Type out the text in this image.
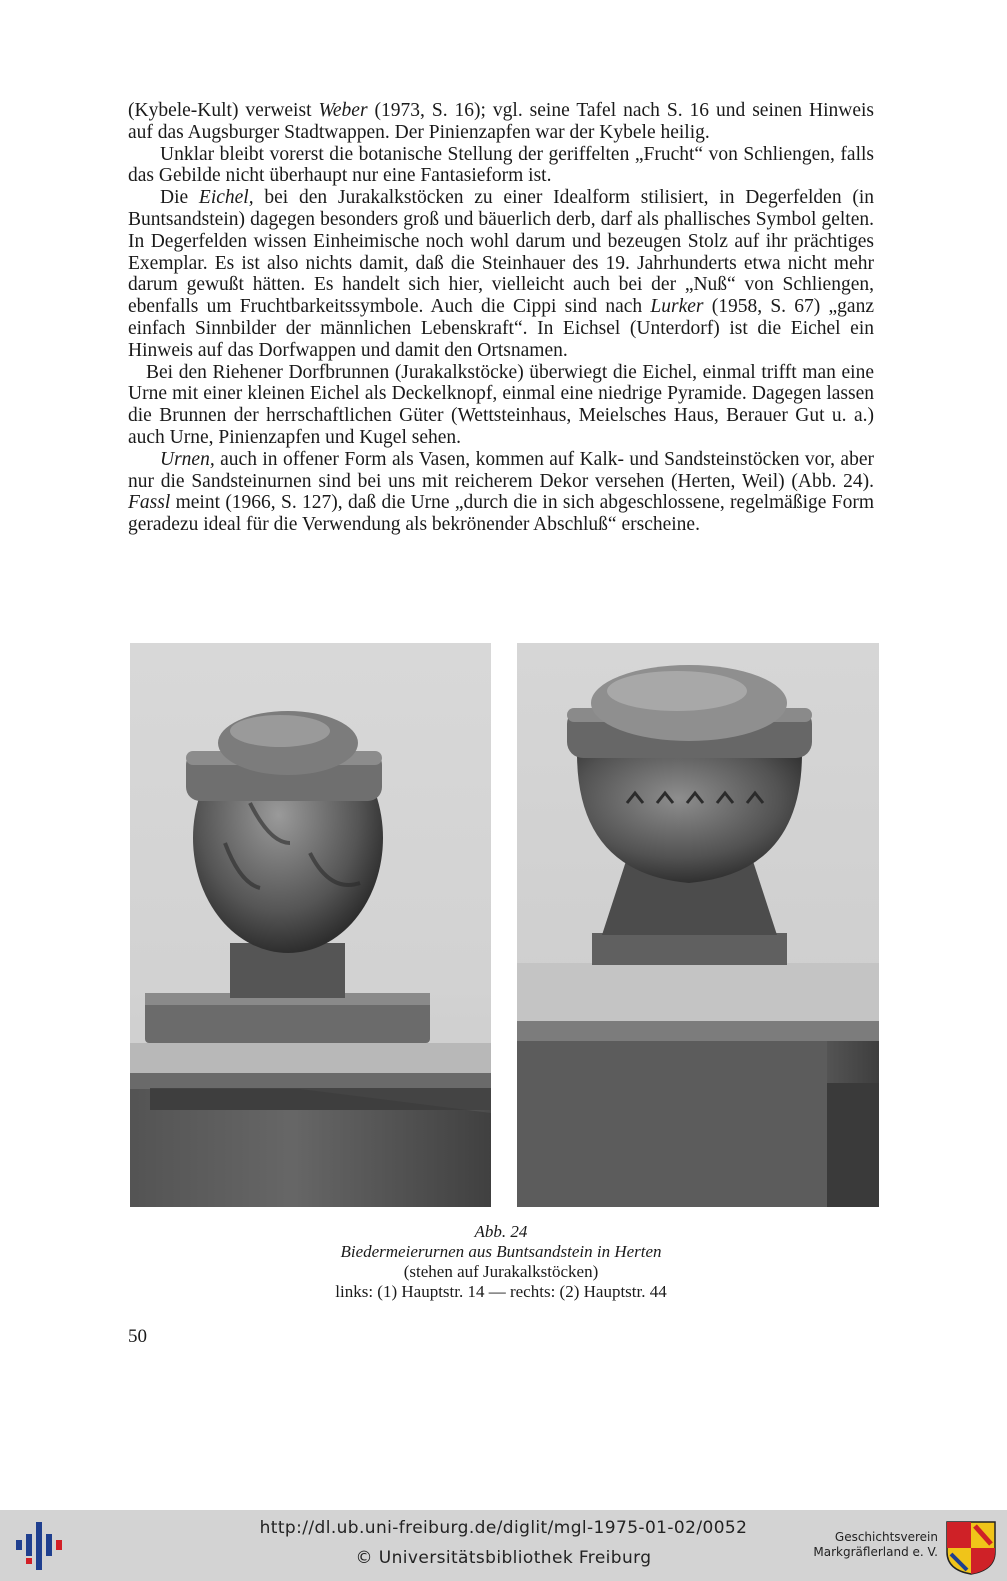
(Kybele-Kult) verweist Weber (1973, S. 16); vgl. seine Tafel nach S. 16 und seinen Hinweis auf das Augsburger Stadtwappen. Der Pinienzapfen war der Kybele heilig.

Unklar bleibt vorerst die botanische Stellung der geriffelten „Frucht“ von Schliengen, falls das Gebilde nicht überhaupt nur eine Fantasieform ist.

Die Eichel, bei den Jurakalkstöcken zu einer Idealform stilisiert, in Degerfelden (in Buntsandstein) dagegen besonders groß und bäuerlich derb, darf als phallisches Symbol gelten. In Degerfelden wissen Einheimische noch wohl darum und bezeugen Stolz auf ihr prächtiges Exemplar. Es ist also nichts damit, daß die Steinhauer des 19. Jahrhunderts etwa nicht mehr darum gewußt hätten. Es handelt sich hier, vielleicht auch bei der „Nuß“ von Schliengen, ebenfalls um Fruchtbarkeitssymbole. Auch die Cippi sind nach Lurker (1958, S. 67) „ganz einfach Sinnbilder der männlichen Lebenskraft“. In Eichsel (Unterdorf) ist die Eichel ein Hinweis auf das Dorfwappen und damit den Ortsnamen.

Bei den Riehener Dorfbrunnen (Jurakalkstöcke) überwiegt die Eichel, einmal trifft man eine Urne mit einer kleinen Eichel als Deckelknopf, einmal eine niedrige Pyramide. Dagegen lassen die Brunnen der herrschaftlichen Güter (Wettsteinhaus, Meielsches Haus, Berauer Gut u. a.) auch Urne, Pinienzapfen und Kugel sehen.

Urnen, auch in offener Form als Vasen, kommen auf Kalk- und Sandsteinstöcken vor, aber nur die Sandsteinurnen sind bei uns mit reicherem Dekor versehen (Herten, Weil) (Abb. 24). Fassl meint (1966, S. 127), daß die Urne „durch die in sich abgeschlossene, regelmäßige Form geradezu ideal für die Verwendung als bekrönender Abschluß“ erscheine.

Abb. 24
Biedermeierurnen aus Buntsandstein in Herten
(stehen auf Jurakalkstöcken)
links: (1) Hauptstr. 14 — rechts: (2) Hauptstr. 44
50
http://dl.ub.uni-freiburg.de/diglit/mgl-1975-01-02/0052
© Universitätsbibliothek Freiburg
Geschichtsverein
Markgräflerland e. V.
